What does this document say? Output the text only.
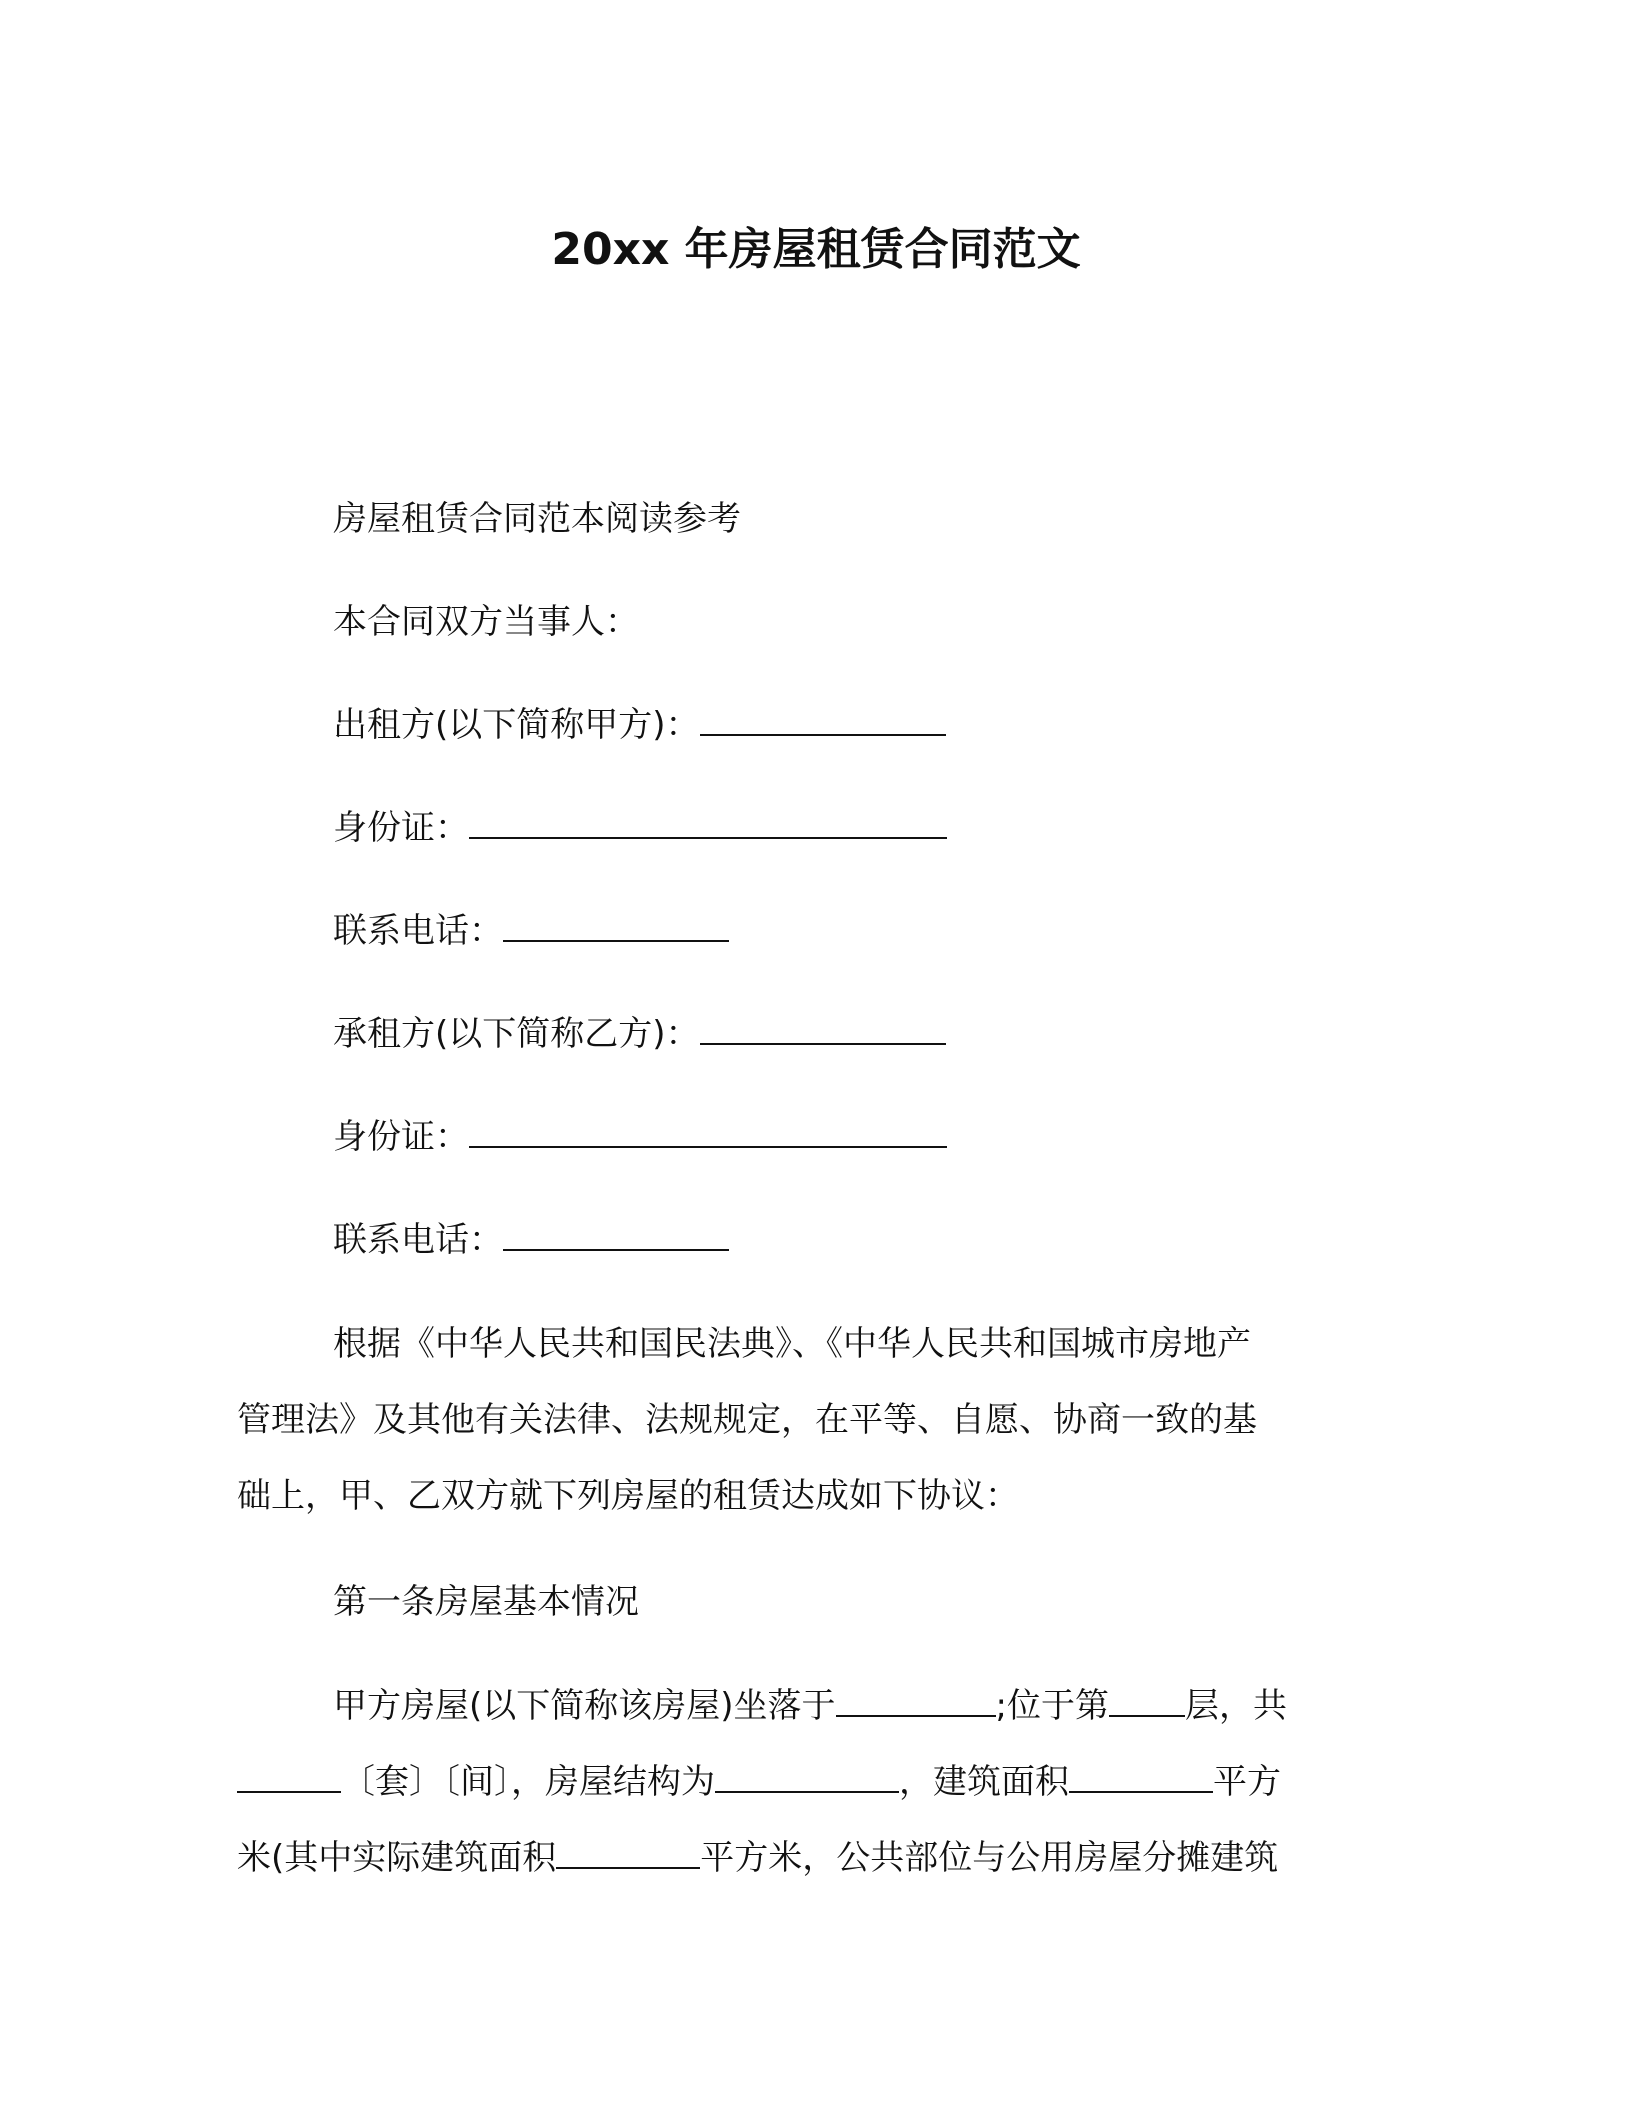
20xx 年房屋租赁合同范文
房屋租赁合同范本阅读参考
本合同双方当事人：
出租方(以下简称甲方)：
身份证：
联系电话：
承租方(以下简称乙方)：
身份证：
联系电话：
根据《中华人民共和国民法典》、《中华人民共和国城市房地产
管理法》及其他有关法律、法规规定，在平等、自愿、协商一致的基
础上，甲、乙双方就下列房屋的租赁达成如下协议：
第一条房屋基本情况
甲方房屋(以下简称该房屋)坐落于	;位于第 层，共
〔套〕〔间〕，房屋结构为	，建筑面积	平方
米(其中实际建筑面积	平方米，公共部位与公用房屋分摊建筑
